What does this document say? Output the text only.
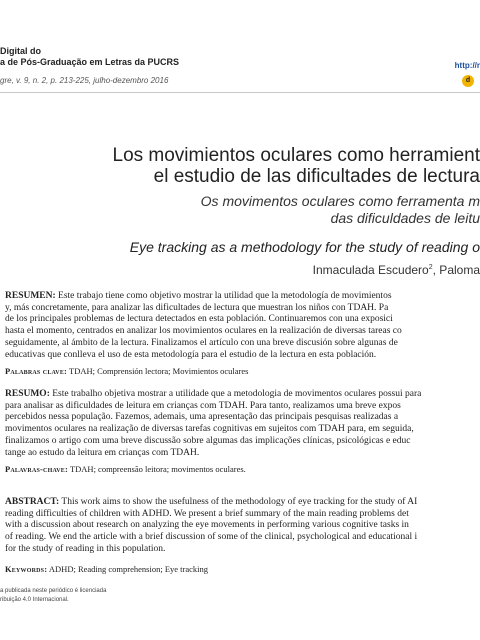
Digital do
a de Pós-Graduação em Letras da PUCRS	http://r
gre, v. 9, n. 2, p. 213-225, julho-dezembro 2016	d
Los movimientos oculares como herramient
el estudio de las dificultades de lectura
Os movimentos oculares como ferramenta m
das dificuldades de leitu
Eye tracking as a methodology for the study of reading o
Inmaculada Escudero$^2$, Paloma

RESUMEN: Este trabajo tiene como objetivo mostrar la utilidad que la metodología de movimientos

y, más concretamente, para analizar las dificultades de lectura que muestran los niños con TDAH. Pa

de los principales problemas de lectura detectados en esta población. Continuaremos con una exposici

hasta el momento, centrados en analizar los movimientos oculares en la realización de diversas tareas co

seguidamente, al ámbito de la lectura. Finalizamos el artículo con una breve discusión sobre algunas de

educativas que conlleva el uso de esta metodología para el estudio de la lectura en esta población.

Palabras clave: TDAH; Comprensión lectora; Movimientos oculares

RESUMO: Este trabalho objetiva mostrar a utilidade que a metodologia de movimentos oculares possui para

para analisar as dificuldades de leitura em crianças com TDAH. Para tanto, realizamos uma breve expos

percebidos nessa população. Fazemos, ademais, uma apresentação das principais pesquisas realizadas a

movimentos oculares na realização de diversas tarefas cognitivas em sujeitos com TDAH para, em seguida,

finalizamos o artigo com uma breve discussão sobre algumas das implicações clínicas, psicológicas e educ

tange ao estudo da leitura em crianças com TDAH.

Palavras-chave: TDAH; compreensão leitora; movimentos oculares.

ABSTRACT: This work aims to show the usefulness of the methodology of eye tracking for the study of AI

reading difficulties of children with ADHD. We present a brief summary of the main reading problems det

with a discussion about research on analyzing the eye movements in performing various cognitive tasks in

of reading. We end the article with a brief discussion of some of the clinical, psychological and educational i

for the study of reading in this population.

Keywords: ADHD; Reading comprehension; Eye tracking
a publicada neste periódico é licenciada
ribuição 4.0 Internacional.
